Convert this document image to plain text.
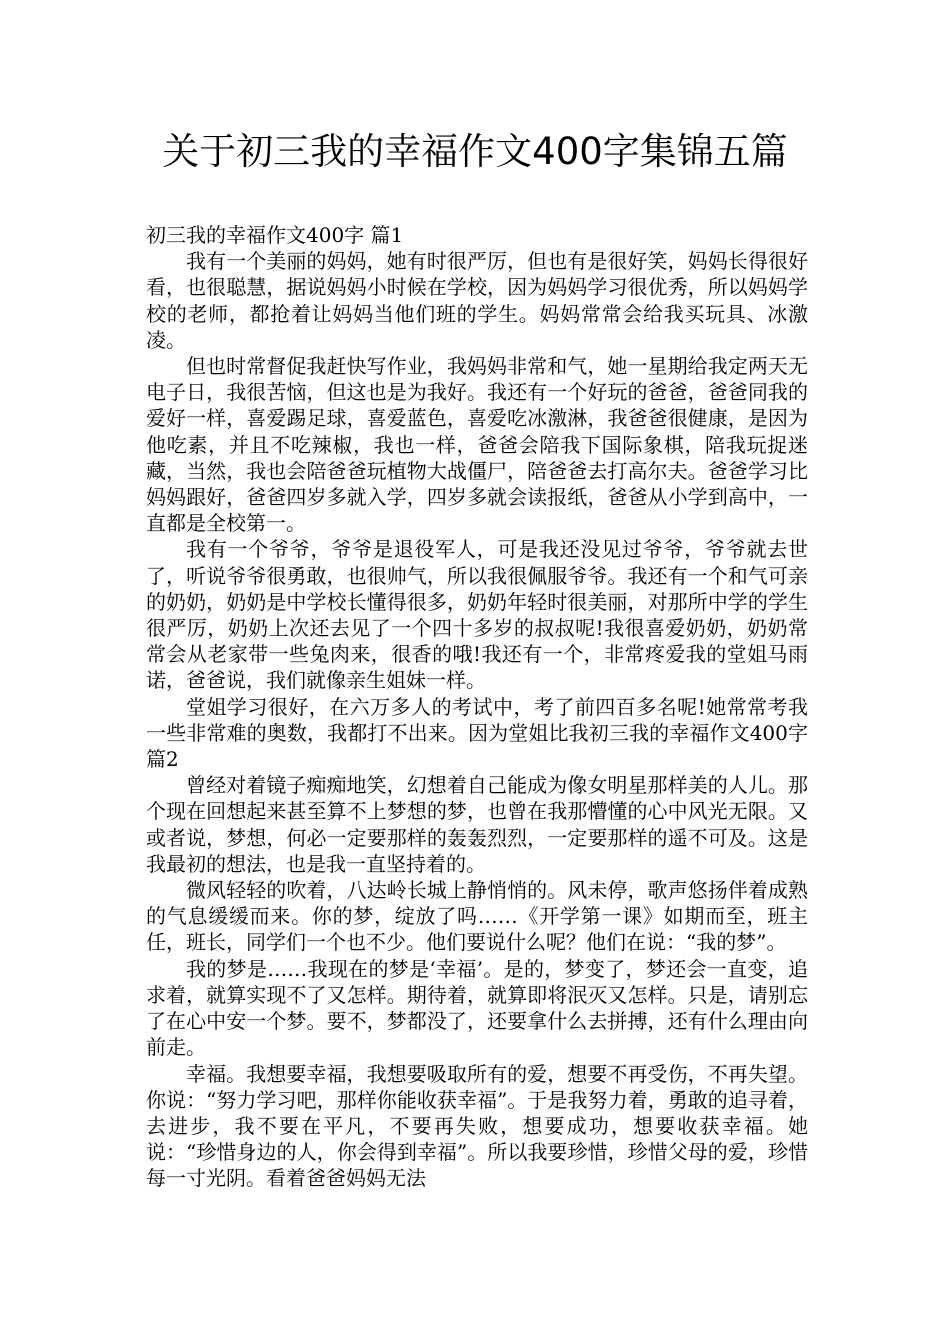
关于初三我的幸福作文400字集锦五篇

初三我的幸福作文400字 篇1

我有一个美丽的妈妈，她有时很严厉，但也有是很好笑，妈妈长得很好看，也很聪慧，据说妈妈小时候在学校，因为妈妈学习很优秀，所以妈妈学校的老师，都抢着让妈妈当他们班的学生。妈妈常常会给我买玩具、冰激凌。

但也时常督促我赶快写作业，我妈妈非常和气，她一星期给我定两天无电子日，我很苦恼，但这也是为我好。我还有一个好玩的爸爸，爸爸同我的爱好一样，喜爱踢足球，喜爱蓝色，喜爱吃冰激淋，我爸爸很健康，是因为他吃素，并且不吃辣椒，我也一样，爸爸会陪我下国际象棋，陪我玩捉迷藏，当然，我也会陪爸爸玩植物大战僵尸，陪爸爸去打高尔夫。爸爸学习比妈妈跟好，爸爸四岁多就入学，四岁多就会读报纸，爸爸从小学到高中，一直都是全校第一。

我有一个爷爷，爷爷是退役军人，可是我还没见过爷爷，爷爷就去世了，听说爷爷很勇敢，也很帅气，所以我很佩服爷爷。我还有一个和气可亲的奶奶，奶奶是中学校长懂得很多，奶奶年轻时很美丽，对那所中学的学生很严厉，奶奶上次还去见了一个四十多岁的叔叔呢!我很喜爱奶奶，奶奶常常会从老家带一些兔肉来，很香的哦!我还有一个，非常疼爱我的堂姐马雨诺，爸爸说，我们就像亲生姐妹一样。

堂姐学习很好，在六万多人的考试中，考了前四百多名呢!她常常考我一些非常难的奥数，我都打不出来。因为堂姐比我初三我的幸福作文400字 篇2

曾经对着镜子痴痴地笑，幻想着自己能成为像女明星那样美的人儿。那个现在回想起来甚至算不上梦想的梦，也曾在我那懵懂的心中风光无限。又或者说，梦想，何必一定要那样的轰轰烈烈，一定要那样的遥不可及。这是我最初的想法，也是我一直坚持着的。

微风轻轻的吹着，八达岭长城上静悄悄的。风未停，歌声悠扬伴着成熟的气息缓缓而来。你的梦，绽放了吗……《开学第一课》如期而至，班主任，班长，同学们一个也不少。他们要说什么呢？他们在说：“我的梦”。

我的梦是……我现在的梦是‘幸福’。是的，梦变了，梦还会一直变，追求着，就算实现不了又怎样。期待着，就算即将泯灭又怎样。只是，请别忘了在心中安一个梦。要不，梦都没了，还要拿什么去拼搏，还有什么理由向前走。

幸福。我想要幸福，我想要吸取所有的爱，想要不再受伤，不再失望。你说：“努力学习吧，那样你能收获幸福”。于是我努力着，勇敢的追寻着，去进步，我不要在平凡，不要再失败，想要成功，想要收获幸福。她说：“珍惜身边的人，你会得到幸福”。所以我要珍惜，珍惜父母的爱，珍惜每一寸光阴。看着爸爸妈妈无法
